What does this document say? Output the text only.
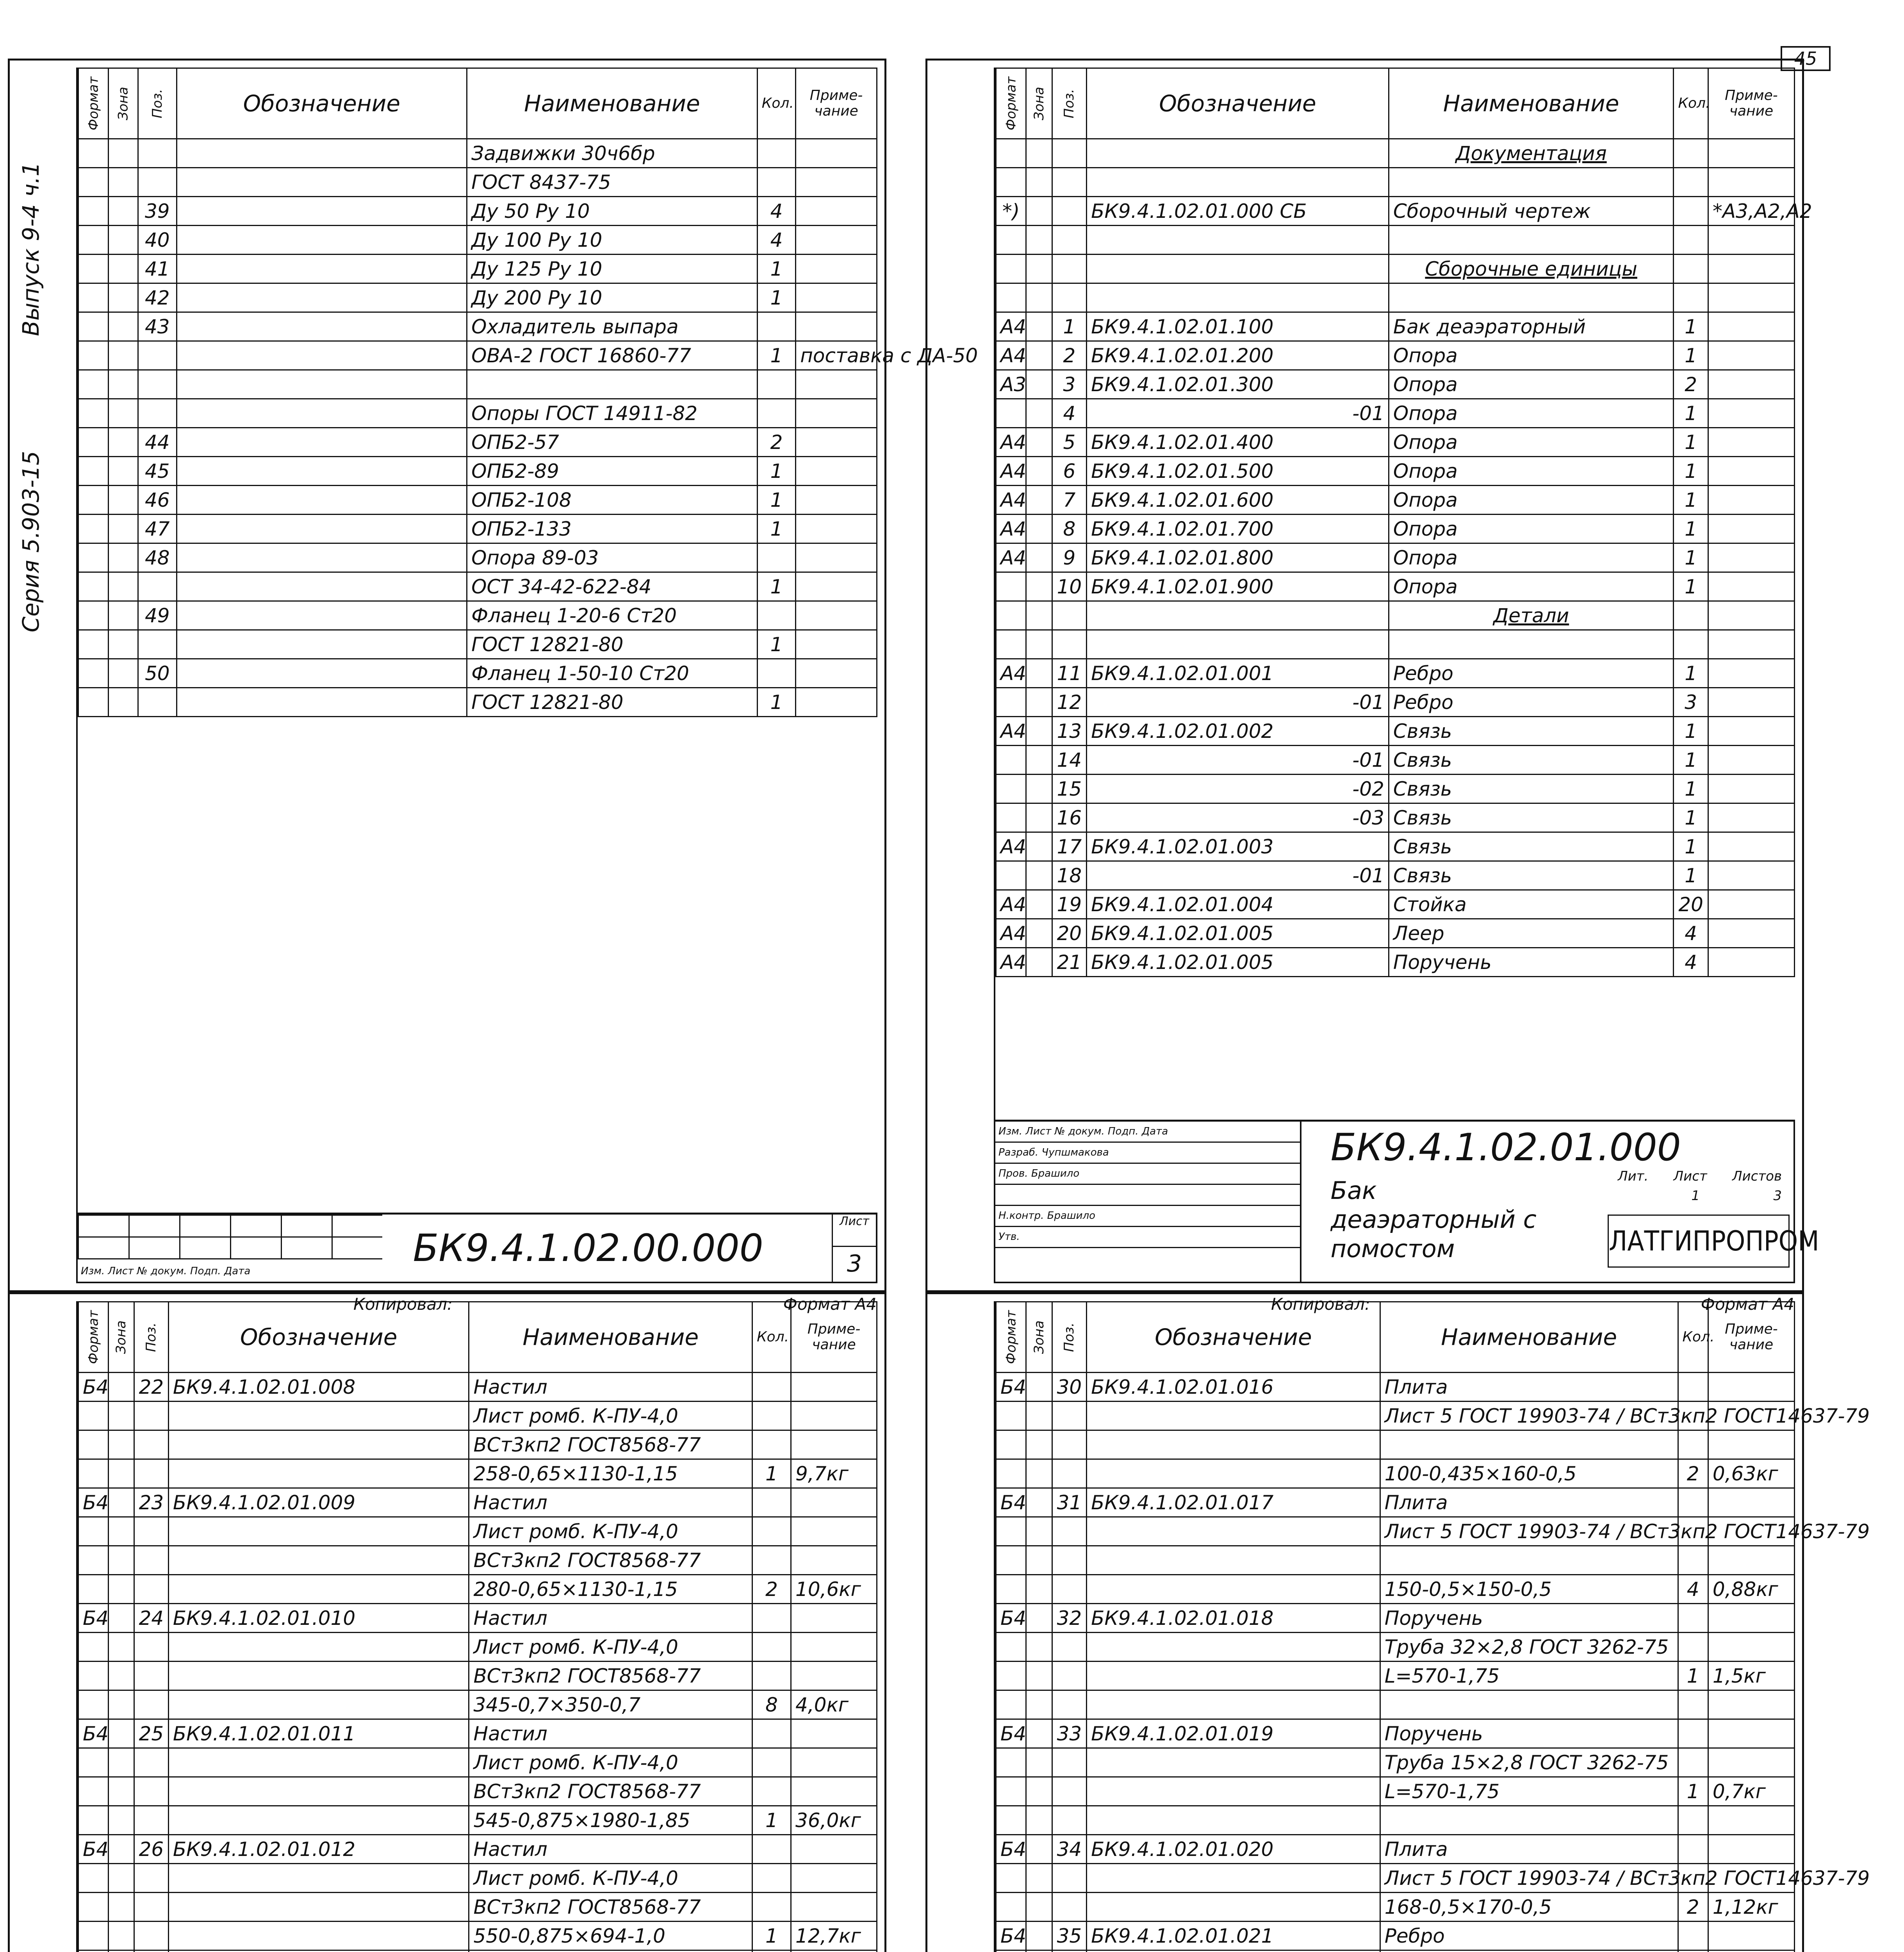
45
Выпуск 9-4 ч.1
Серия 5.903-15
Формат	Зона	Поз.	Обозначение	Наименование	Кол.	Приме-чание
				Задвижки 30ч6бр		
				ГОСТ 8437-75		
		39		Ду 50 Ру 10	4	
		40		Ду 100 Ру 10	4	
		41		Ду 125 Ру 10	1	
		42		Ду 200 Ру 10	1	
		43		Охладитель выпара		
				ОВА-2 ГОСТ 16860-77	1	поставка с ДА-50

				Опоры ГОСТ 14911-82		
		44		ОПБ2-57	2	
		45		ОПБ2-89	1	
		46		ОПБ2-108	1	
		47		ОПБ2-133	1	
		48		Опора 89-03		
				ОСТ 34-42-622-84	1	
		49		Фланец 1-20-6 Ст20		
				ГОСТ 12821-80	1	
		50		Фланец 1-50-10 Ст20		
				ГОСТ 12821-80	1	
Изм. Лист № докум. Подп. Дата
БК9.4.1.02.00.000
Лист
3
Копировал:	Формат А4
Формат	Зона	Поз.	Обозначение	Наименование	Кол.	Приме-чание
				Документация		

*)			БК9.4.1.02.01.000 СБ	Сборочный чертеж		*А3,А2,А2

				Сборочные единицы		

А4		1	БК9.4.1.02.01.100	Бак деаэраторный	1	
А4		2	БК9.4.1.02.01.200	Опора	1	
А3		3	БК9.4.1.02.01.300	Опора	2	
		4	-01	Опора	1	
А4		5	БК9.4.1.02.01.400	Опора	1	
А4		6	БК9.4.1.02.01.500	Опора	1	
А4		7	БК9.4.1.02.01.600	Опора	1	
А4		8	БК9.4.1.02.01.700	Опора	1	
А4		9	БК9.4.1.02.01.800	Опора	1	
		10	БК9.4.1.02.01.900	Опора	1	
				Детали		

А4		11	БК9.4.1.02.01.001	Ребро	1	
		12	-01	Ребро	3	
А4		13	БК9.4.1.02.01.002	Связь	1	
		14	-01	Связь	1	
		15	-02	Связь	1	
		16	-03	Связь	1	
А4		17	БК9.4.1.02.01.003	Связь	1	
		18	-01	Связь	1	
А4		19	БК9.4.1.02.01.004	Стойка	20	
А4		20	БК9.4.1.02.01.005	Леер	4	
А4		21	БК9.4.1.02.01.005	Поручень	4	
Изм. Лист № докум. Подп. Дата
Разраб. Чупшмакова
Пров. Брашило
Н.контр. Брашило
Утв.
БК9.4.1.02.01.000
Бак деаэраторный с помостом
Лит. Лист Листов
1	3
ЛАТГИПРОПРОМ
Копировал:	Формат А4
Формат	Зона	Поз.	Обозначение	Наименование	Кол.	Приме-чание
Б4		22	БК9.4.1.02.01.008	Настил		
				Лист ромб. К-ПУ-4,0		
				ВСт3кп2 ГОСТ8568-77		
				258-0,65×1130-1,15	1	9,7кг
Б4		23	БК9.4.1.02.01.009	Настил		
				Лист ромб. К-ПУ-4,0		
				ВСт3кп2 ГОСТ8568-77		
				280-0,65×1130-1,15	2	10,6кг
Б4		24	БК9.4.1.02.01.010	Настил		
				Лист ромб. К-ПУ-4,0		
				ВСт3кп2 ГОСТ8568-77		
				345-0,7×350-0,7	8	4,0кг
Б4		25	БК9.4.1.02.01.011	Настил		
				Лист ромб. К-ПУ-4,0		
				ВСт3кп2 ГОСТ8568-77		
				545-0,875×1980-1,85	1	36,0кг
Б4		26	БК9.4.1.02.01.012	Настил		
				Лист ромб. К-ПУ-4,0		
				ВСт3кп2 ГОСТ8568-77		
				550-0,875×694-1,0	1	12,7кг

Формат	Зона	Поз.	Обозначение	Наименование	Кол.	Приме-чание
Б4		30	БК9.4.1.02.01.016	Плита		
				Лист 5 ГОСТ 19903-74 / ВСт3кп2 ГОСТ14637-79		

				100-0,435×160-0,5	2	0,63кг
Б4		31	БК9.4.1.02.01.017	Плита		
				Лист 5 ГОСТ 19903-74 / ВСт3кп2 ГОСТ14637-79		

				150-0,5×150-0,5	4	0,88кг
Б4		32	БК9.4.1.02.01.018	Поручень		
				Труба 32×2,8 ГОСТ 3262-75		
				L=570-1,75	1	1,5кг

Б4		33	БК9.4.1.02.01.019	Поручень		
				Труба 15×2,8 ГОСТ 3262-75		
				L=570-1,75	1	0,7кг

Б4		34	БК9.4.1.02.01.020	Плита		
				Лист 5 ГОСТ 19903-74 / ВСт3кп2 ГОСТ14637-79		
				168-0,5×170-0,5	2	1,12кг
Б4		35	БК9.4.1.02.01.021	Ребро		
